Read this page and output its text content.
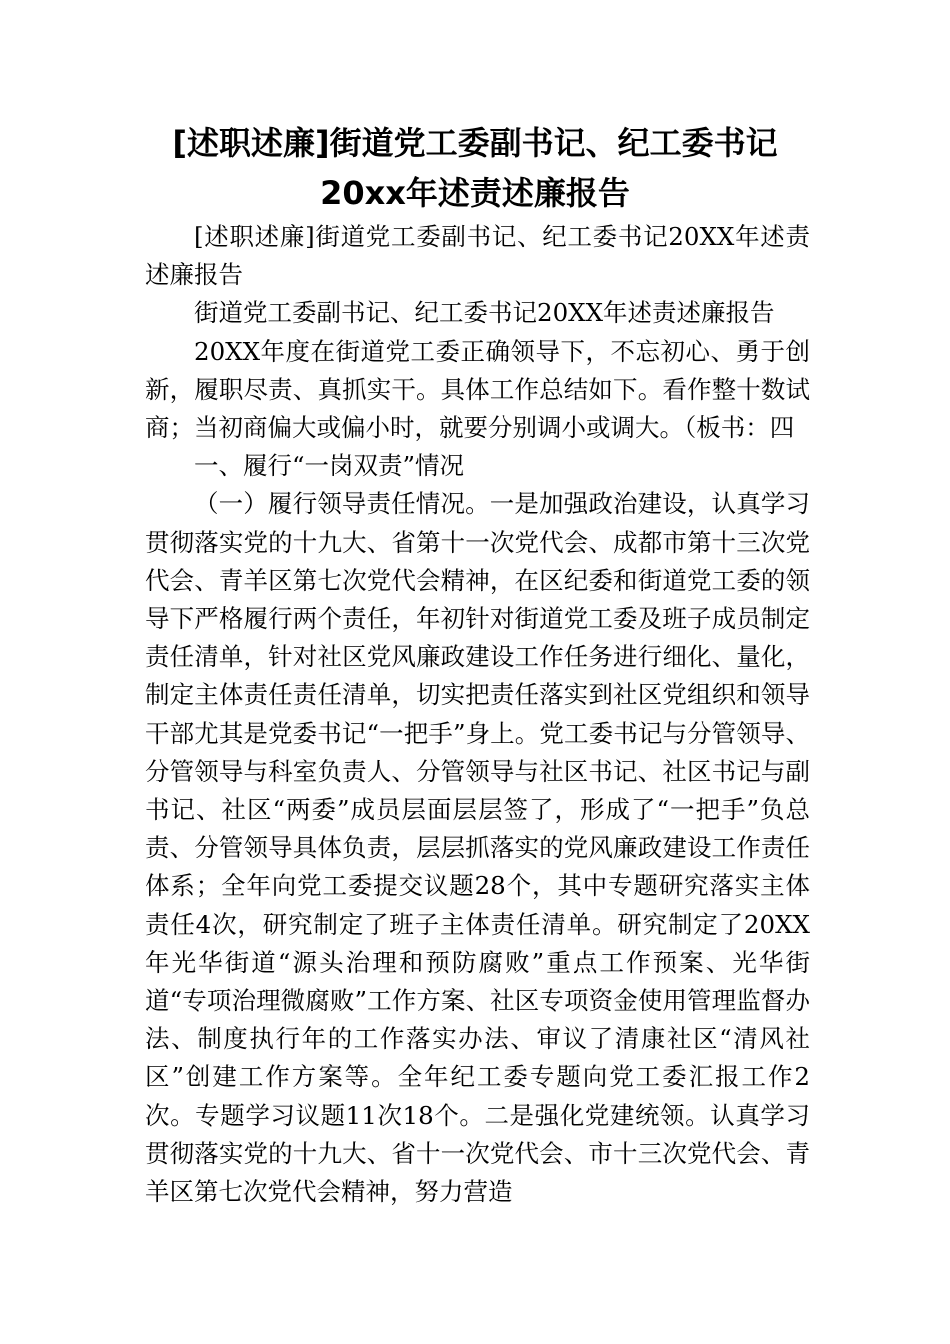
[述职述廉]街道党工委副书记、纪工委书记
20xx年述责述廉报告

[述职述廉]街道党工委副书记、纪工委书记20XX年述责述廉报告

街道党工委副书记、纪工委书记20XX年述责述廉报告

20XX年度在街道党工委正确领导下，不忘初心、勇于创新，履职尽责、真抓实干。具体工作总结如下。看作整十数试商；当初商偏大或偏小时，就要分别调小或调大。（板书：四

一、履行“一岗双责”情况

（一）履行领导责任情况。一是加强政治建设，认真学习贯彻落实党的十九大、省第十一次党代会、成都市第十三次党代会、青羊区第七次党代会精神，在区纪委和街道党工委的领导下严格履行两个责任，年初针对街道党工委及班子成员制定责任清单，针对社区党风廉政建设工作任务进行细化、量化，制定主体责任责任清单，切实把责任落实到社区党组织和领导干部尤其是党委书记“一把手”身上。党工委书记与分管领导、分管领导与科室负责人、分管领导与社区书记、社区书记与副书记、社区“两委”成员层面层层签了，形成了“一把手”负总责、分管领导具体负责，层层抓落实的党风廉政建设工作责任体系；全年向党工委提交议题28个，其中专题研究落实主体责任4次，研究制定了班子主体责任清单。研究制定了20XX年光华街道“源头治理和预防腐败”重点工作预案、光华街道“专项治理微腐败”工作方案、社区专项资金使用管理监督办法、制度执行年的工作落实办法、审议了清康社区“清风社区”创建工作方案等。全年纪工委专题向党工委汇报工作2次。专题学习议题11次18个。二是强化党建统领。认真学习贯彻落实党的十九大、省十一次党代会、市十三次党代会、青羊区第七次党代会精神，努力营造
